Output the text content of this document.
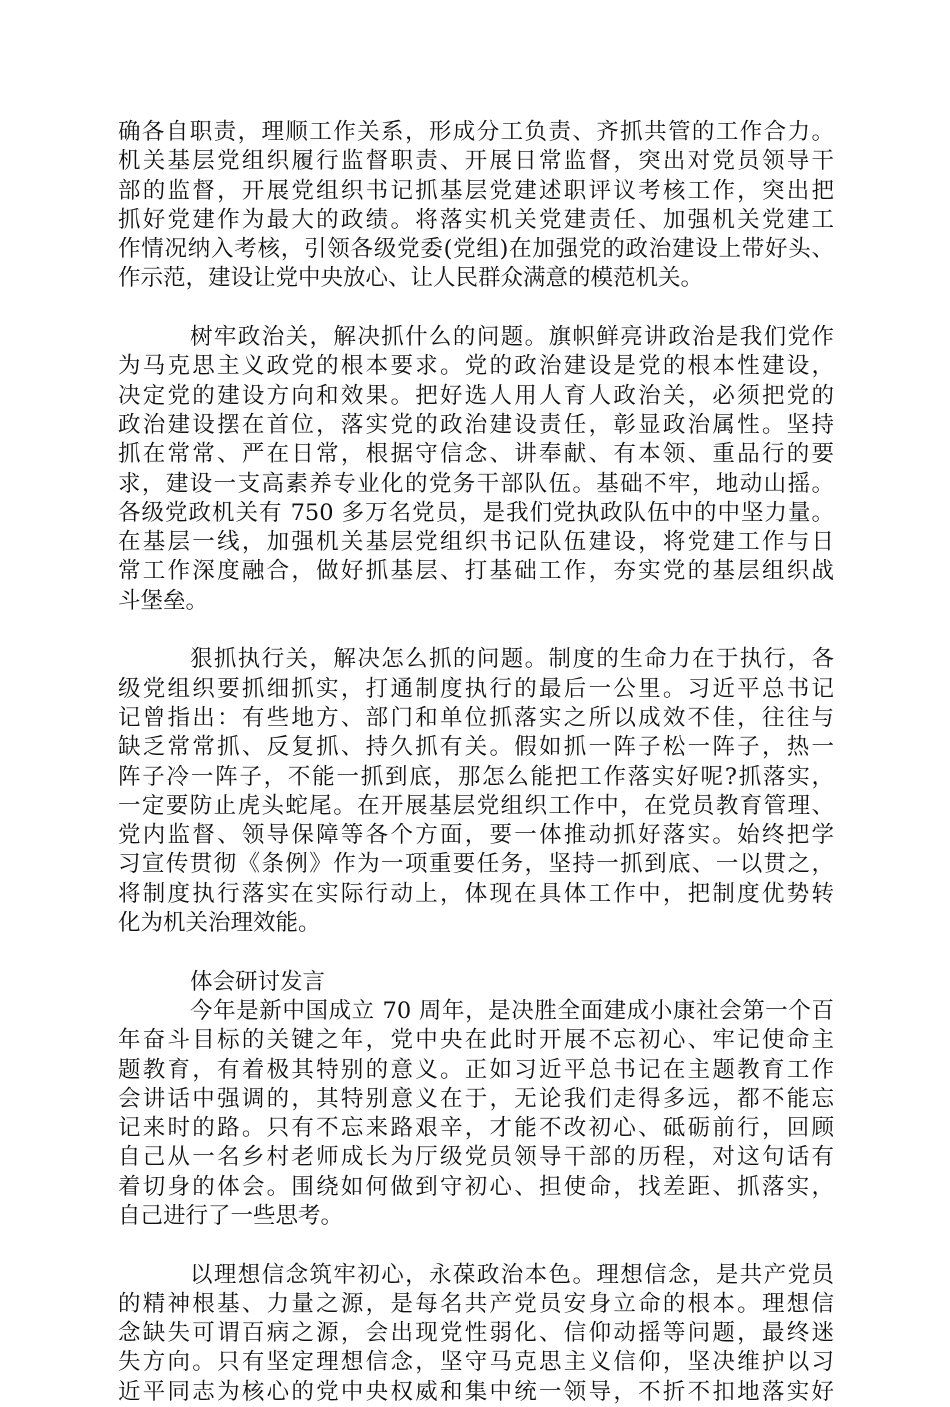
确各自职责，理顺工作关系，形成分工负责、齐抓共管的工作合力。
机关基层党组织履行监督职责、开展日常监督，突出对党员领导干
部的监督，开展党组织书记抓基层党建述职评议考核工作，突出把
抓好党建作为最大的政绩。将落实机关党建责任、加强机关党建工
作情况纳入考核，引领各级党委(党组)在加强党的政治建设上带好头、
作示范，建设让党中央放心、让人民群众满意的模范机关。

树牢政治关，解决抓什么的问题。旗帜鲜亮讲政治是我们党作
为马克思主义政党的根本要求。党的政治建设是党的根本性建设，
决定党的建设方向和效果。把好选人用人育人政治关，必须把党的
政治建设摆在首位，落实党的政治建设责任，彰显政治属性。坚持
抓在常常、严在日常，根据守信念、讲奉献、有本领、重品行的要
求，建设一支高素养专业化的党务干部队伍。基础不牢，地动山摇。
各级党政机关有 750 多万名党员，是我们党执政队伍中的中坚力量。
在基层一线，加强机关基层党组织书记队伍建设，将党建工作与日
常工作深度融合，做好抓基层、打基础工作，夯实党的基层组织战
斗堡垒。

狠抓执行关，解决怎么抓的问题。制度的生命力在于执行，各
级党组织要抓细抓实，打通制度执行的最后一公里。习近平总书记
记曾指出：有些地方、部门和单位抓落实之所以成效不佳，往往与
缺乏常常抓、反复抓、持久抓有关。假如抓一阵子松一阵子，热一
阵子冷一阵子，不能一抓到底，那怎么能把工作落实好呢?抓落实，
一定要防止虎头蛇尾。在开展基层党组织工作中，在党员教育管理、
党内监督、领导保障等各个方面，要一体推动抓好落实。始终把学
习宣传贯彻《条例》作为一项重要任务，坚持一抓到底、一以贯之，
将制度执行落实在实际行动上，体现在具体工作中，把制度优势转
化为机关治理效能。

体会研讨发言
今年是新中国成立 70 周年，是决胜全面建成小康社会第一个百
年奋斗目标的关键之年，党中央在此时开展不忘初心、牢记使命主
题教育，有着极其特别的意义。正如习近平总书记在主题教育工作
会讲话中强调的，其特别意义在于，无论我们走得多远，都不能忘
记来时的路。只有不忘来路艰辛，才能不改初心、砥砺前行，回顾
自己从一名乡村老师成长为厅级党员领导干部的历程，对这句话有
着切身的体会。围绕如何做到守初心、担使命，找差距、抓落实，
自己进行了一些思考。

以理想信念筑牢初心，永葆政治本色。理想信念，是共产党员
的精神根基、力量之源，是每名共产党员安身立命的根本。理想信
念缺失可谓百病之源，会出现党性弱化、信仰动摇等问题，最终迷
失方向。只有坚定理想信念，坚守马克思主义信仰，坚决维护以习
近平同志为核心的党中央权威和集中统一领导，不折不扣地落实好
